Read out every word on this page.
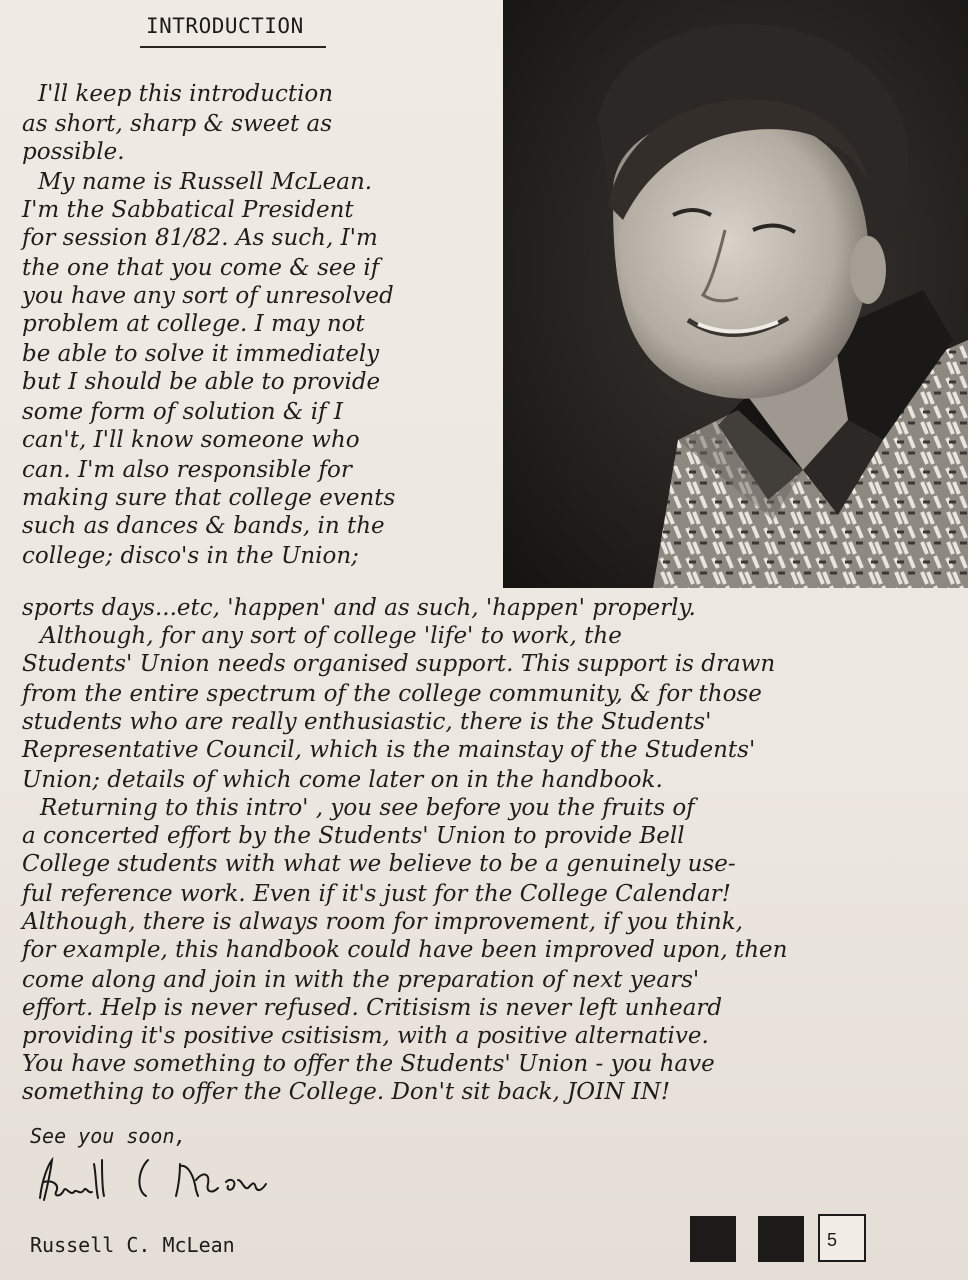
INTRODUCTION
I'll keep this introduction
as short, sharp & sweet as
possible.
My name is Russell McLean.
I'm the Sabbatical President
for session 81/82. As such, I'm
the one that you come & see if
you have any sort of unresolved
problem at college. I may not
be able to solve it immediately
but I should be able to provide
some form of solution & if I
can't, I'll know someone who
can. I'm also responsible for
making sure that college events
such as dances & bands, in the
college; disco's in the Union;
sports days...etc, 'happen' and as such, 'happen' properly.
Although, for any sort of college 'life' to work, the
Students' Union needs organised support. This support is drawn
from the entire spectrum of the college community, & for those
students who are really enthusiastic, there is the Students'
Representative Council, which is the mainstay of the Students'
Union; details of which come later on in the handbook.
Returning to this intro' , you see before you the fruits of
a concerted effort by the Students' Union to provide Bell
College students with what we believe to be a genuinely use-
ful reference work. Even if it's just for the College Calendar!
Although, there is always room for improvement, if you think,
for example, this handbook could have been improved upon, then
come along and join in with the preparation of next years'
effort. Help is never refused. Critisism is never left unheard
providing it's positive csitisism, with a positive alternative.
You have something to offer the Students' Union - you have
something to offer the College. Don't sit back, JOIN IN!
See you soon,
Russell C. McLean	5
